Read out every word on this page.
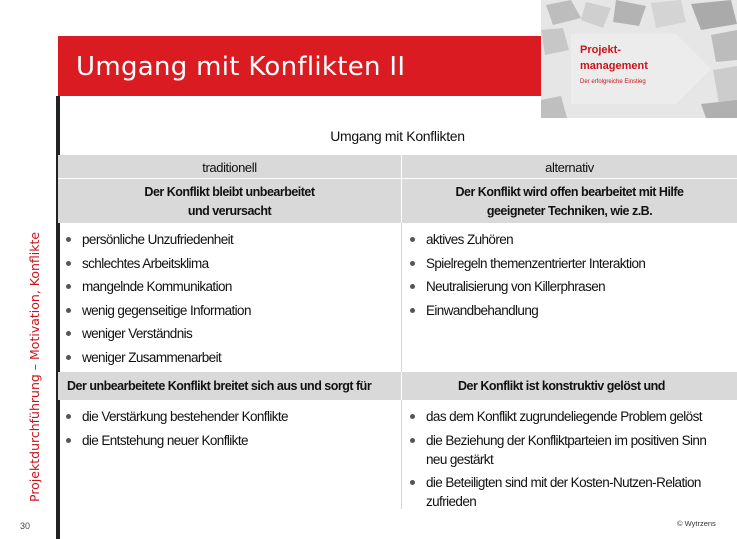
Umgang mit Konflikten II
Projekt-
management
Der erfolgreiche Einstieg
Projektdurchführung – Motivation, Konflikte
30
Umgang mit Konflikten
traditionell	alternativ
Der Konflikt bleibt unbearbeitet
und verursacht
Der Konflikt wird offen bearbeitet mit Hilfe
geeigneter Techniken, wie z.B.
persönliche Unzufriedenheit
schlechtes Arbeitsklima
mangelnde Kommunikation
wenig gegenseitige Information
weniger Verständnis
weniger Zusammenarbeit
aktives Zuhören
Spielregeln themenzentrierter Interaktion
Neutralisierung von Killerphrasen
Einwandbehandlung
Der unbearbeitete Konflikt breitet sich aus und sorgt für	Der Konflikt ist konstruktiv gelöst und
die Verstärkung bestehender Konflikte
die Entstehung neuer Konflikte
das dem Konflikt zugrundeliegende Problem gelöst
die Beziehung der Konfliktparteien im positiven Sinn
neu gestärkt
die Beteiligten sind mit der Kosten-Nutzen-Relation
zufrieden
© Wytrzens
